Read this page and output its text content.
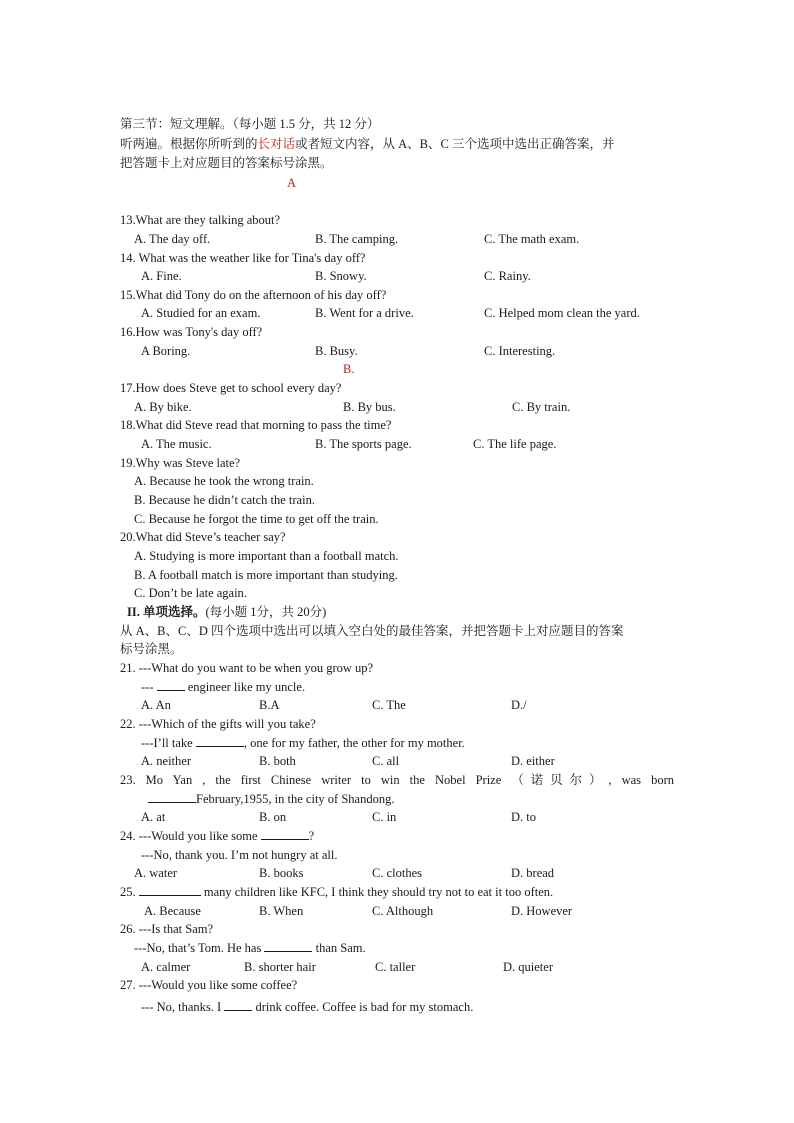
第三节：短文理解。（每小题 1.5 分，共 12 分）
听两遍。根据你所听到的长对话或者短文内容，从 A、B、C 三个选项中选出正确答案，并
把答题卡上对应题目的答案标号涂黑。
A
13.What are they talking about?
A. The day off.	B. The camping.	C. The math exam.
14. What was the weather like for Tina's day off?
A. Fine.	B. Snowy.	C. Rainy.
15.What did Tony do on the afternoon of his day off?
A. Studied for an exam.	B. Went for a drive.	C. Helped mom clean the yard.
16.How was Tony's day off?
A Boring.	B. Busy.	C. Interesting.
B.
17.How does Steve get to school every day?
A. By bike.	B. By bus.	C. By train.
18.What did Steve read that morning to pass the time?
A. The music.	B. The sports page.	C. The life page.
19.Why was Steve late?
A. Because he took the wrong train.
B. Because he didn’t catch the train.
C. Because he forgot the time to get off the train.
20.What did Steve’s teacher say?
A. Studying is more important than a football match.
B. A football match is more important than studying.
C. Don’t be late again.
II. 单项选择。(每小题 1分，共 20分)
从 A、B、C、D 四个选项中选出可以填入空白处的最佳答案，并把答题卡上对应题目的答案
标号涂黑。
21. ---What do you want to be when you grow up?
---  engineer like my uncle.
A. An	B.A	C. The	D./
22. ---Which of the gifts will you take?
---I’ll take	, one for my father, the other for my mother.
A. neither	B. both	C. all	D. either
23. Mo Yan , the first Chinese writer to win the Nobel Prize （诺贝尔）, was born
February,1955, in the city of Shandong.
A. at	B. on	C. in	D. to
24. ---Would you like some	?
---No, thank you. I’m not hungry at all.
A. water	B. books	C. clothes	D. bread
25.	many children like KFC, I think they should try not to eat it too often.
A. Because	B. When	C. Although	D. However
26. ---Is that Sam?
---No, that’s Tom. He has	than Sam.
A. calmer	B. shorter hair	C. taller	D. quieter
27. ---Would you like some coffee?
--- No, thanks. I  drink coffee. Coffee is bad for my stomach.
